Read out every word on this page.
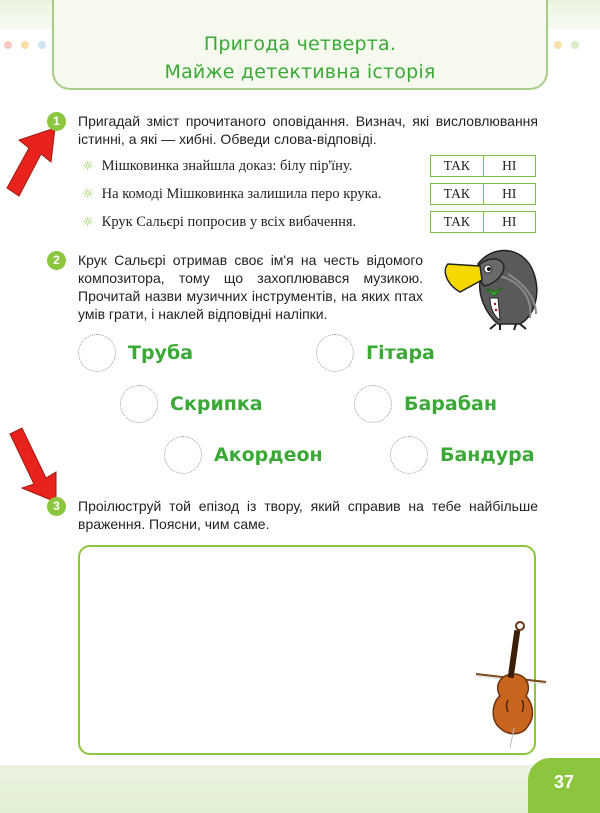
Пригода четверта.
Майже детективна історія
1	Пригадай зміст прочитаного оповідання. Визнач, які висловлювання істинні, а які — хибні. Обведи слова-відповіді.
☼ Мішковинка знайшла доказ: білу пір'їну.	ТАК	НІ
☼ На комоді Мішковинка залишила перо крука.	ТАК	НІ
☼ Крук Сальєрі попросив у всіх вибачення.	ТАК	НІ
2	Крук Сальєрі отримав своє ім'я на честь відомого композитора, тому що захоплювався музикою. Прочитай назви музичних інструментів, на яких птах умів грати, і наклей відповідні наліпки.
Труба	Гітара
Скрипка	Барабан
Акордеон	Бандура
3	Проілюструй той епізод із твору, який справив на тебе найбільше враження. Поясни, чим саме.
37
